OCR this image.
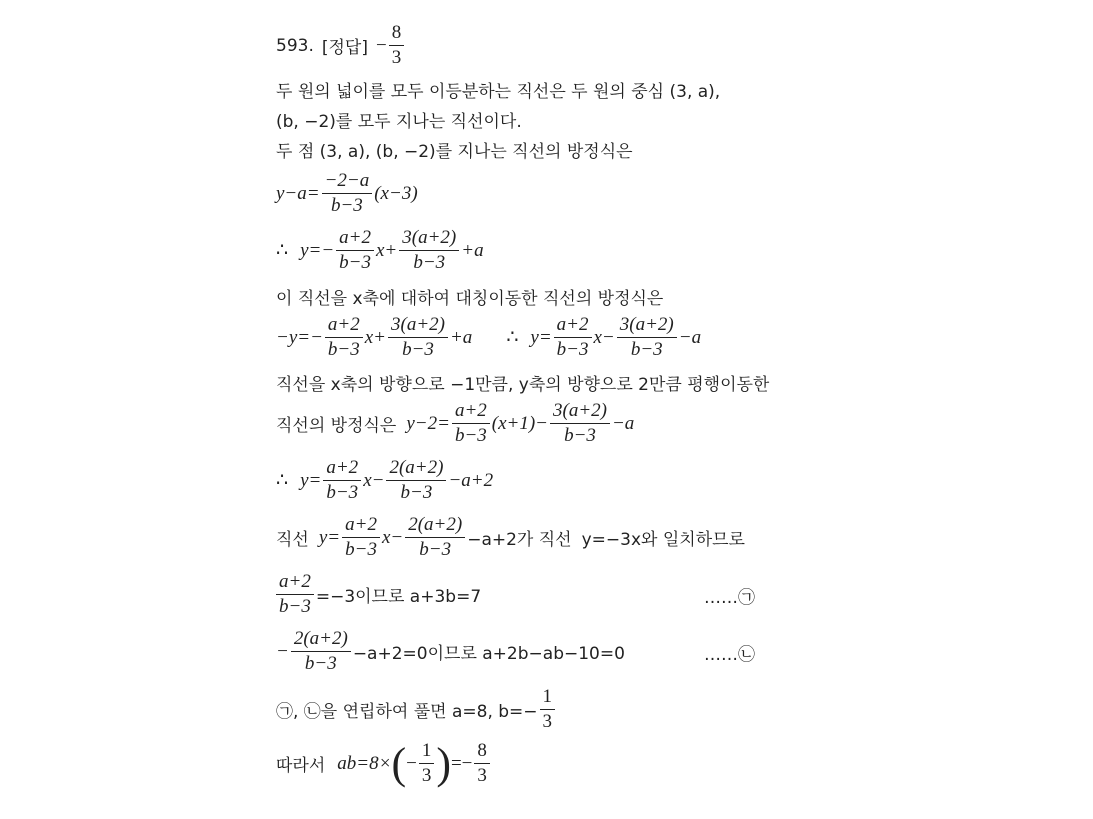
593. [정답] − $\frac{8}{3}$
두 원의 넓이를 모두 이등분하는 직선은 두 원의 중심 (3, a),
(b, −2)를 모두 지나는 직선이다.
두 점 (3, a), (b, −2)를 지나는 직선의 방정식은
$y-a= \frac{-2-a}{b-3} (x-3)$
∴ $y=- \frac{a+2}{b-3} x+ \frac{3(a+2)}{b-3} +a$
이 직선을 x축에 대하여 대칭이동한 직선의 방정식은
$-y=- \frac{a+2}{b-3} x+ \frac{3(a+2)}{b-3} +a$ ∴ $y= \frac{a+2}{b-3} x- \frac{3(a+2)}{b-3} -a$
직선을 x축의 방향으로 −1만큼, y축의 방향으로 2만큼 평행이동한
직선의 방정식은 $y-2= \frac{a+2}{b-3} (x+1)- \frac{3(a+2)}{b-3} -a$
∴ $y= \frac{a+2}{b-3} x- \frac{2(a+2)}{b-3} -a+2$
직선 $y= \frac{a+2}{b-3} x- \frac{2(a+2)}{b-3} -a+2$가 직선 y=−3x와 일치하므로
$\frac{a+2}{b-3} =-3$이므로 a+3b=7	……㉠
− $\frac{2(a+2)}{b-3} -a+2=0$이므로 a+2b−ab−10=0	……㉡
㉠, ㉡을 연립하여 풀면 a=8, $b=- \frac{1}{3}$
따라서 ab=8× ( − $\frac{1}{3}$ ) =− $\frac{8}{3}$
